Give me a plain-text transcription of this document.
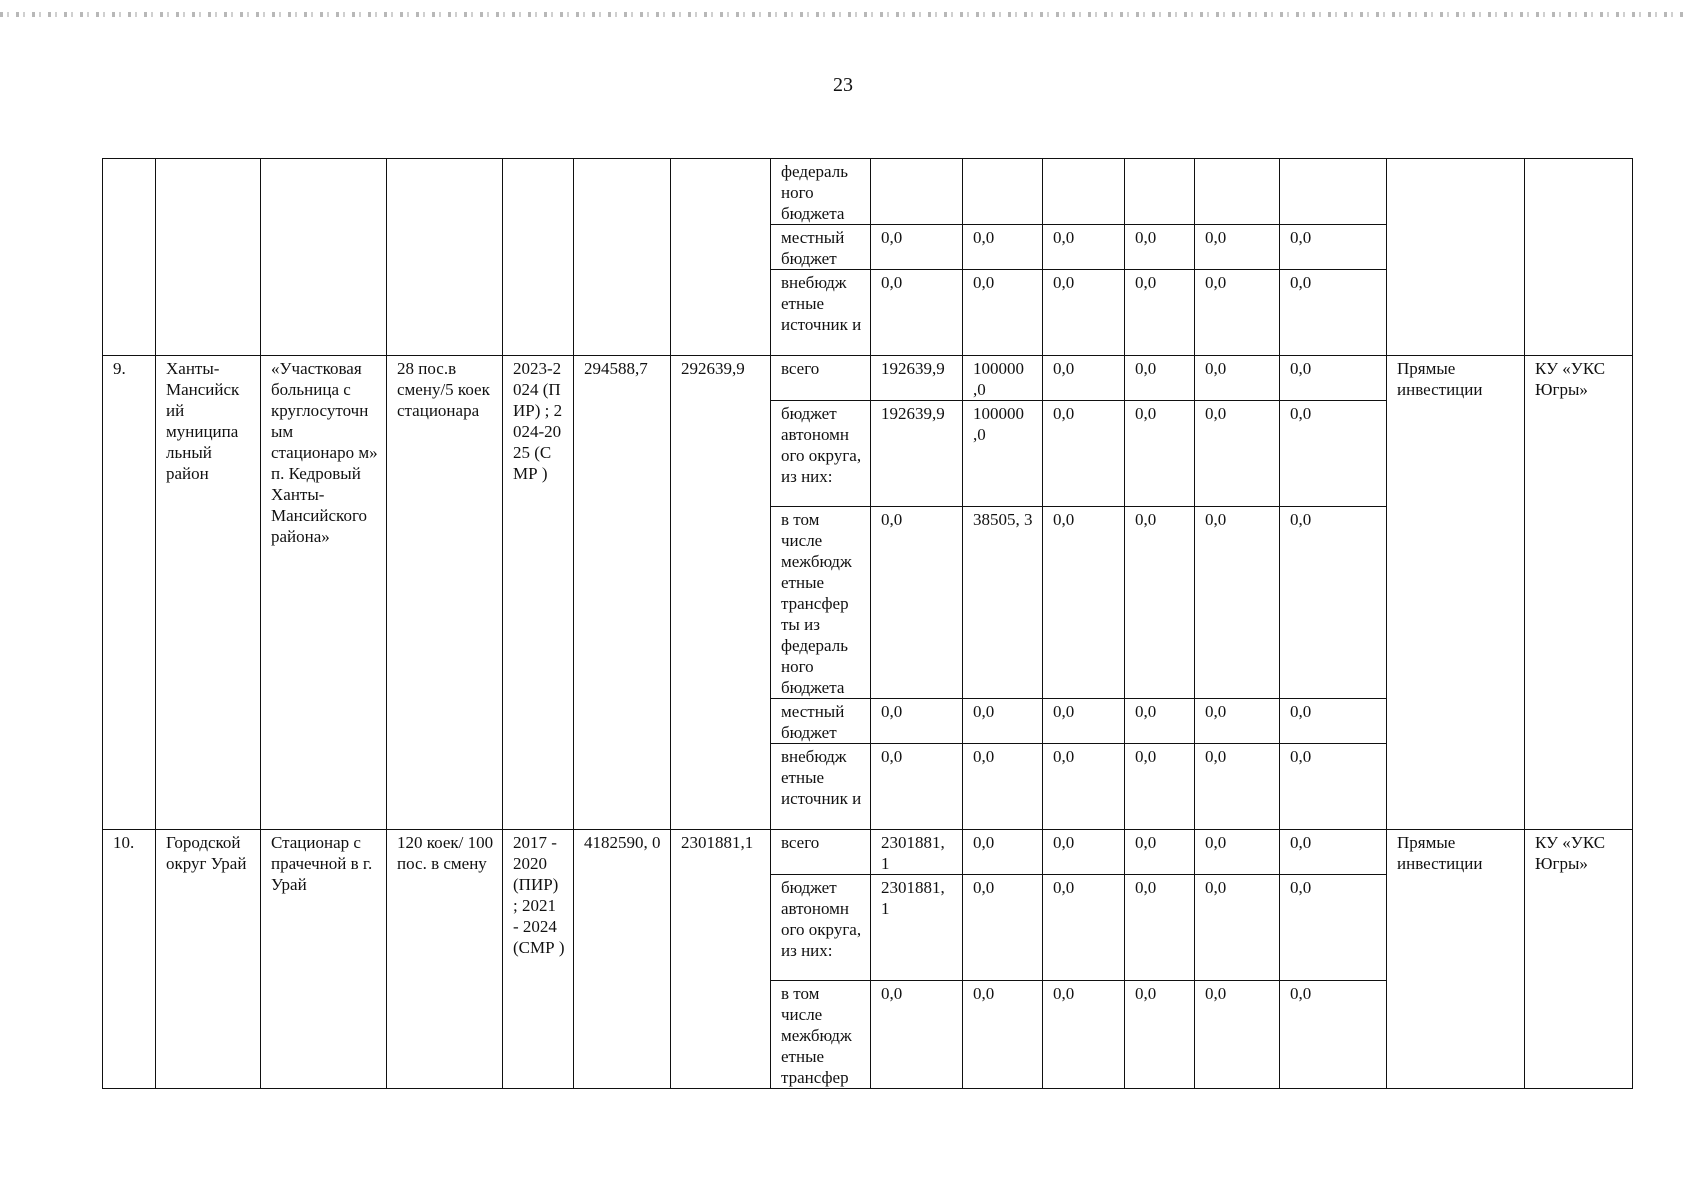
23
							федераль ного бюджета								
							местный бюджет	0,0	0,0	0,0	0,0	0,0	0,0		
							внебюдж етные источник и	0,0	0,0	0,0	0,0	0,0	0,0		
9.	Ханты-Мансийск ий муниципа льный район	«Участковая больница с круглосуточн ым стационаро м» п. Кедровый Ханты-Мансийского района»	28 пос.в смену/5 коек стационара	2023-2024 (ПИР) ; 2024-2025 (СМР )	294588,7	292639,9	всего	192639,9	100000 ,0	0,0	0,0	0,0	0,0	Прямые инвестиции	КУ «УКС Югры»
							бюджет автономн ого округа, из них:	192639,9	100000 ,0	0,0	0,0	0,0	0,0		
							в том числе межбюдж етные трансфер ты из федераль ного бюджета	0,0	38505, 3	0,0	0,0	0,0	0,0		
							местный бюджет	0,0	0,0	0,0	0,0	0,0	0,0		
							внебюдж етные источник и	0,0	0,0	0,0	0,0	0,0	0,0		
10.	Городской округ Урай	Стационар с прачечной в г. Урай	120 коек/ 100 пос. в смену	2017 - 2020 (ПИР) ; 2021 - 2024 (СМР )	4182590, 0	2301881,1	всего	2301881, 1	0,0	0,0	0,0	0,0	0,0	Прямые инвестиции	КУ «УКС Югры»
							бюджет автономн ого округа, из них:	2301881, 1	0,0	0,0	0,0	0,0	0,0		
							в том числе межбюдж етные трансфер	0,0	0,0	0,0	0,0	0,0	0,0		
